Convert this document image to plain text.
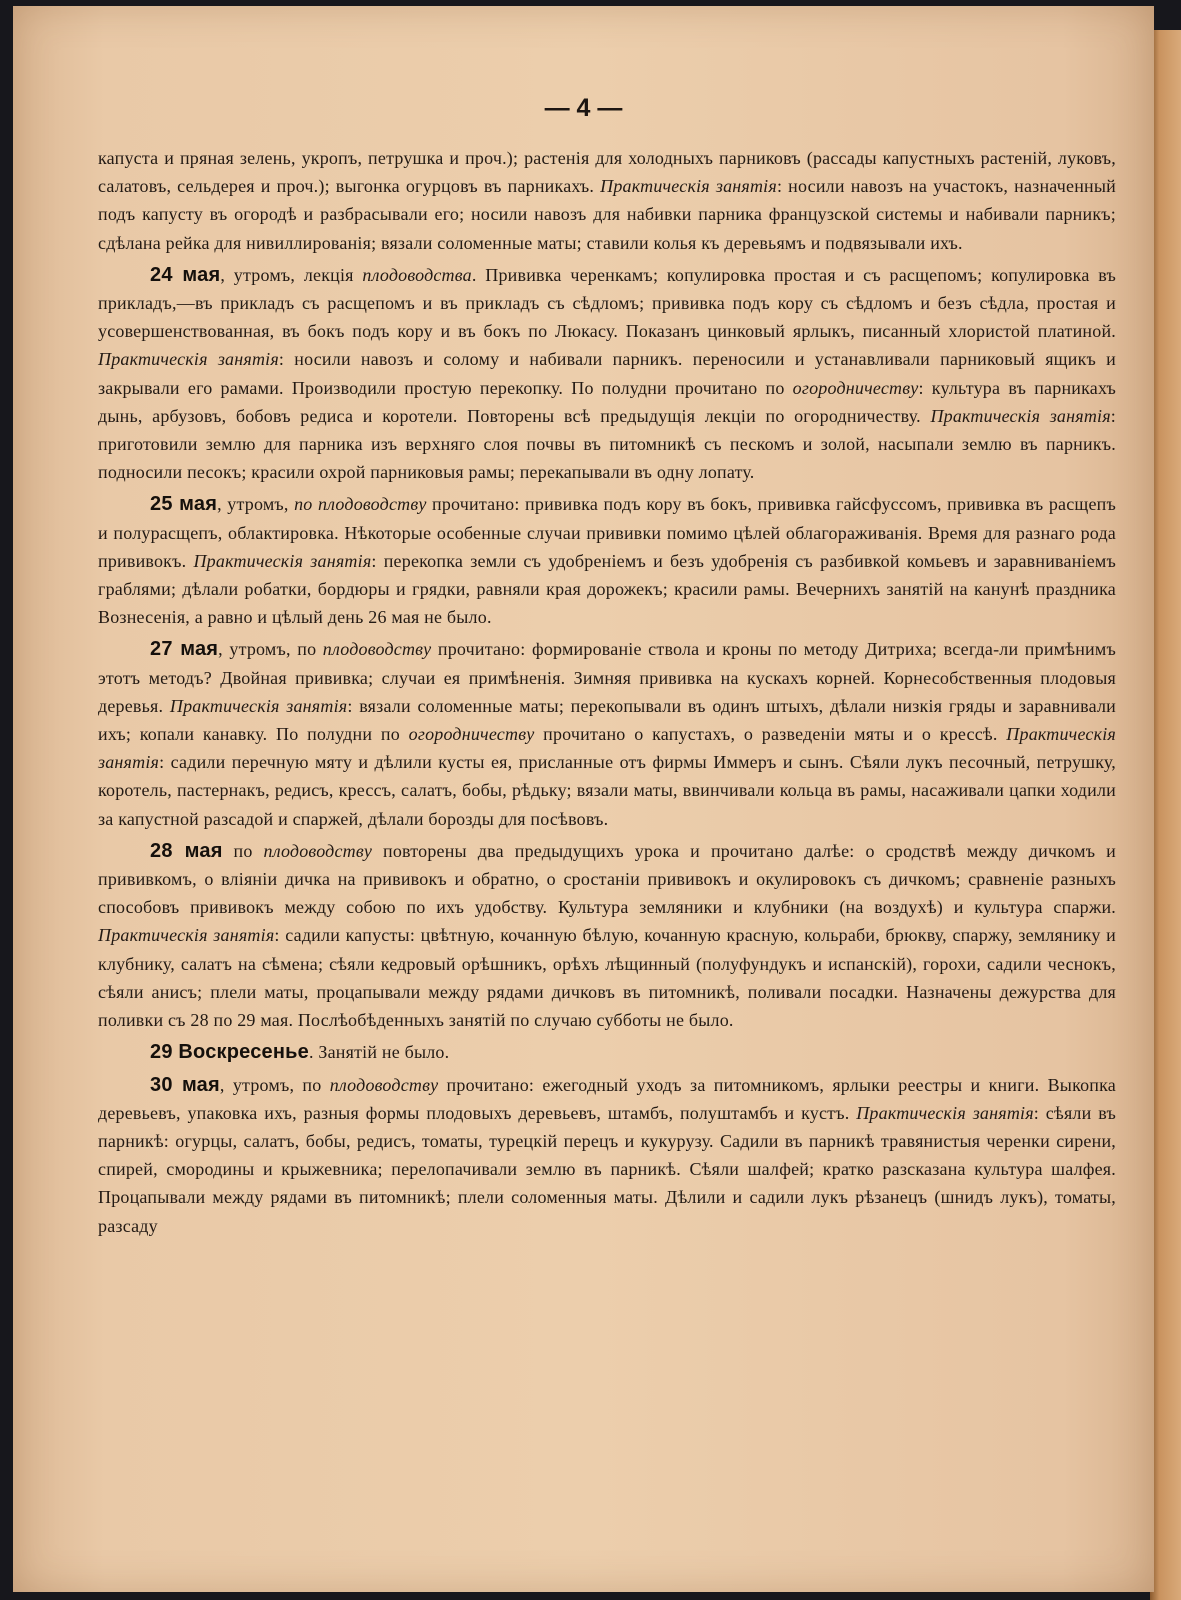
— 4 —

капуста и пряная зелень, укропъ, петрушка и проч.); растенія для холодныхъ парниковъ (рассады капустныхъ растеній, луковъ, салатовъ, сельдерея и проч.); выгонка огурцовъ въ парникахъ. Практическія занятія: носили навозъ на участокъ, назначенный подъ капусту въ огородѣ и разбрасывали его; носили навозъ для набивки парника французской системы и набивали парникъ; сдѣлана рейка для нивиллированія; вязали соломенные маты; ставили колья къ деревьямъ и подвязывали ихъ.

24 мая, утромъ, лекція плодоводства. Прививка черенкамъ; копулировка простая и съ расщепомъ; копулировка въ прикладъ,—въ прикладъ съ расщепомъ и въ прикладъ съ сѣдломъ; прививка подъ кору съ сѣдломъ и безъ сѣдла, простая и усовершенствованная, въ бокъ подъ кору и въ бокъ по Люкасу. Показанъ цинковый ярлыкъ, писанный хлористой платиной. Практическія занятія: носили навозъ и солому и набивали парникъ. переносили и устанавливали парниковый ящикъ и закрывали его рамами. Производили простую перекопку. По полудни прочитано по огородничеству: культура въ парникахъ дынь, арбузовъ, бобовъ редиса и коротели. Повторены всѣ предыдущія лекціи по огородничеству. Практическія занятія: приготовили землю для парника изъ верхняго слоя почвы въ питомникѣ съ пескомъ и золой, насыпали землю въ парникъ. подносили песокъ; красили охрой парниковыя рамы; перекапывали въ одну лопату.

25 мая, утромъ, по плодоводству прочитано: прививка подъ кору въ бокъ, прививка гайсфуссомъ, прививка въ расщепъ и полурасщепъ, облактировка. Нѣкоторые особенные случаи прививки помимо цѣлей облагораживанія. Время для разнаго рода прививокъ. Практическія занятія: перекопка земли съ удобреніемъ и безъ удобренія съ разбивкой комьевъ и заравниваніемъ граблями; дѣлали робатки, бордюры и грядки, равняли края дорожекъ; красили рамы. Вечернихъ занятій на канунѣ праздника Вознесенія, а равно и цѣлый день 26 мая не было.

27 мая, утромъ, по плодоводству прочитано: формированіе ствола и кроны по методу Дитриха; всегда-ли примѣнимъ этотъ методъ? Двойная прививка; случаи ея примѣненія. Зимняя прививка на кускахъ корней. Корнесобственныя плодовыя деревья. Практическія занятія: вязали соломенные маты; перекопывали въ одинъ штыхъ, дѣлали низкія гряды и заравнивали ихъ; копали канавку. По полудни по огородничеству прочитано о капустахъ, о разведеніи мяты и о крессѣ. Практическія занятія: садили перечную мяту и дѣлили кусты ея, присланные отъ фирмы Иммеръ и сынъ. Сѣяли лукъ песочный, петрушку, коротель, пастернакъ, редисъ, крессъ, салатъ, бобы, рѣдьку; вязали маты, ввинчивали кольца въ рамы, насаживали цапки ходили за капустной разсадой и спаржей, дѣлали борозды для посѣвовъ.

28 мая по плодоводству повторены два предыдущихъ урока и прочитано далѣе: о сродствѣ между дичкомъ и прививкомъ, о вліяніи дичка на прививокъ и обратно, о сростаніи прививокъ и окулировокъ съ дичкомъ; сравненіе разныхъ способовъ прививокъ между собою по ихъ удобству. Культура земляники и клубники (на воздухѣ) и культура спаржи. Практическія занятія: садили капусты: цвѣтную, кочанную бѣлую, кочанную красную, кольраби, брюкву, спаржу, землянику и клубнику, салатъ на сѣмена; сѣяли кедровый орѣшникъ, орѣхъ лѣщинный (полуфундукъ и испанскій), горохи, садили чеснокъ, сѣяли анисъ; плели маты, процапывали между рядами дичковъ въ питомникѣ, поливали посадки. Назначены дежурства для поливки съ 28 по 29 мая. Послѣобѣденныхъ занятій по случаю субботы не было.

29 Воскресенье. Занятій не было.

30 мая, утромъ, по плодоводству прочитано: ежегодный уходъ за питомникомъ, ярлыки реестры и книги. Выкопка деревьевъ, упаковка ихъ, разныя формы плодовыхъ деревьевъ, штамбъ, полуштамбъ и кустъ. Практическія занятія: сѣяли въ парникѣ: огурцы, салатъ, бобы, редисъ, томаты, турецкій перецъ и кукурузу. Садили въ парникѣ травянистыя черенки сирени, спирей, смородины и крыжевника; перелопачивали землю въ парникѣ. Сѣяли шалфей; кратко разсказана культура шалфея. Процапывали между рядами въ питомникѣ; плели соломенныя маты. Дѣлили и садили лукъ рѣзанецъ (шнидъ лукъ), томаты, разсаду
